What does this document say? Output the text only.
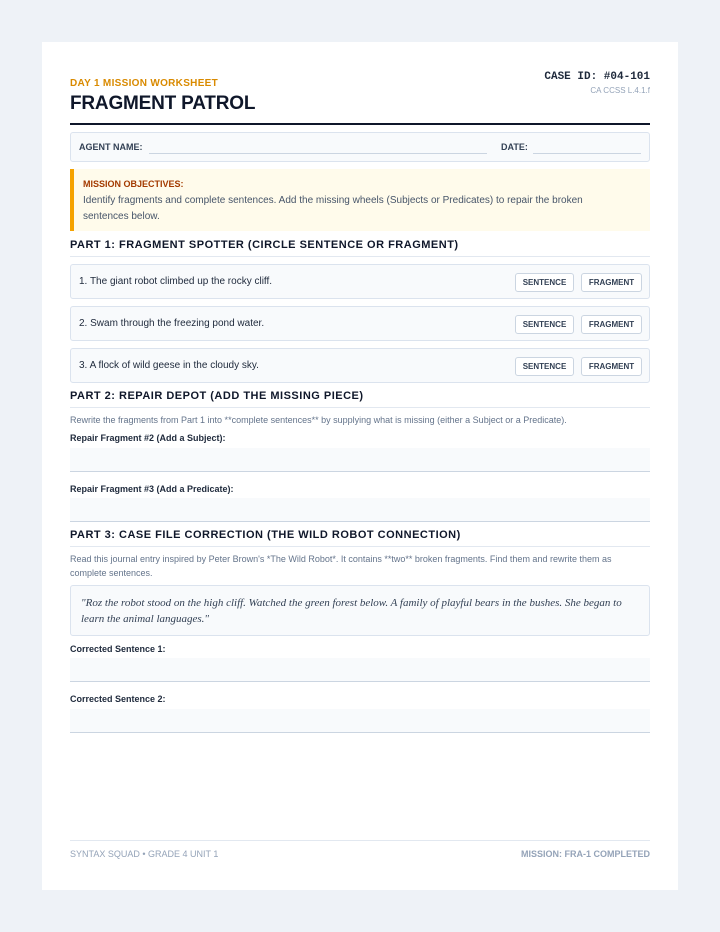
DAY 1 MISSION WORKSHEET
FRAGMENT PATROL
CASE ID: #04-101
CA CCSS L.4.1.f
AGENT NAME:	DATE:
MISSION OBJECTIVES:
Identify fragments and complete sentences. Add the missing wheels (Subjects or Predicates) to repair the broken sentences below.
PART 1: FRAGMENT SPOTTER (CIRCLE SENTENCE OR FRAGMENT)
1. The giant robot climbed up the rocky cliff.	SENTENCE	FRAGMENT
2. Swam through the freezing pond water.	SENTENCE	FRAGMENT
3. A flock of wild geese in the cloudy sky.	SENTENCE	FRAGMENT
PART 2: REPAIR DEPOT (ADD THE MISSING PIECE)
Rewrite the fragments from Part 1 into **complete sentences** by supplying what is missing (either a Subject or a Predicate).
Repair Fragment #2 (Add a Subject):
Repair Fragment #3 (Add a Predicate):
PART 3: CASE FILE CORRECTION (THE WILD ROBOT CONNECTION)
Read this journal entry inspired by Peter Brown's *The Wild Robot*. It contains **two** broken fragments. Find them and rewrite them as complete sentences.
"Roz the robot stood on the high cliff. Watched the green forest below. A family of playful bears in the bushes. She began to learn the animal languages."
Corrected Sentence 1:
Corrected Sentence 2:
SYNTAX SQUAD • GRADE 4 UNIT 1	MISSION: FRA-1 COMPLETED
